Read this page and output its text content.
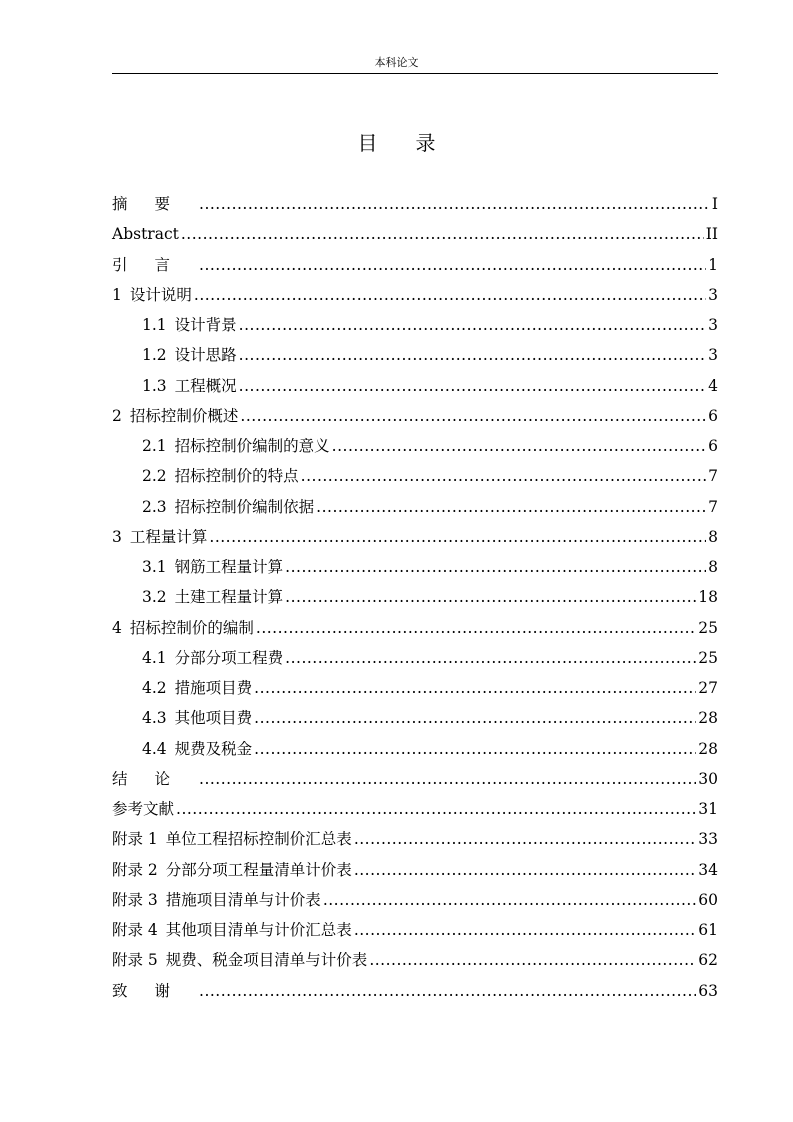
本科论文
目录
摘要 .....	I
Abstract .....	II
引言 .....	1
1 设计说明 .....	3
1.1 设计背景 .....	3
1.2 设计思路 .....	3
1.3 工程概况 .....	4
2 招标控制价概述 .....	6
2.1 招标控制价编制的意义 .....	6
2.2 招标控制价的特点 .....	7
2.3 招标控制价编制依据 .....	7
3 工程量计算 .....	8
3.1 钢筋工程量计算 .....	8
3.2 土建工程量计算 .....	18
4 招标控制价的编制 .....	25
4.1 分部分项工程费 .....	25
4.2 措施项目费 .....	27
4.3 其他项目费 .....	28
4.4 规费及税金 .....	28
结论 .....	30
参考文献 .....	31
附录 1 单位工程招标控制价汇总表 .....	33
附录 2 分部分项工程量清单计价表 .....	34
附录 3 措施项目清单与计价表 .....	60
附录 4 其他项目清单与计价汇总表 .....	61
附录 5 规费、税金项目清单与计价表 .....	62
致谢 .....	63
